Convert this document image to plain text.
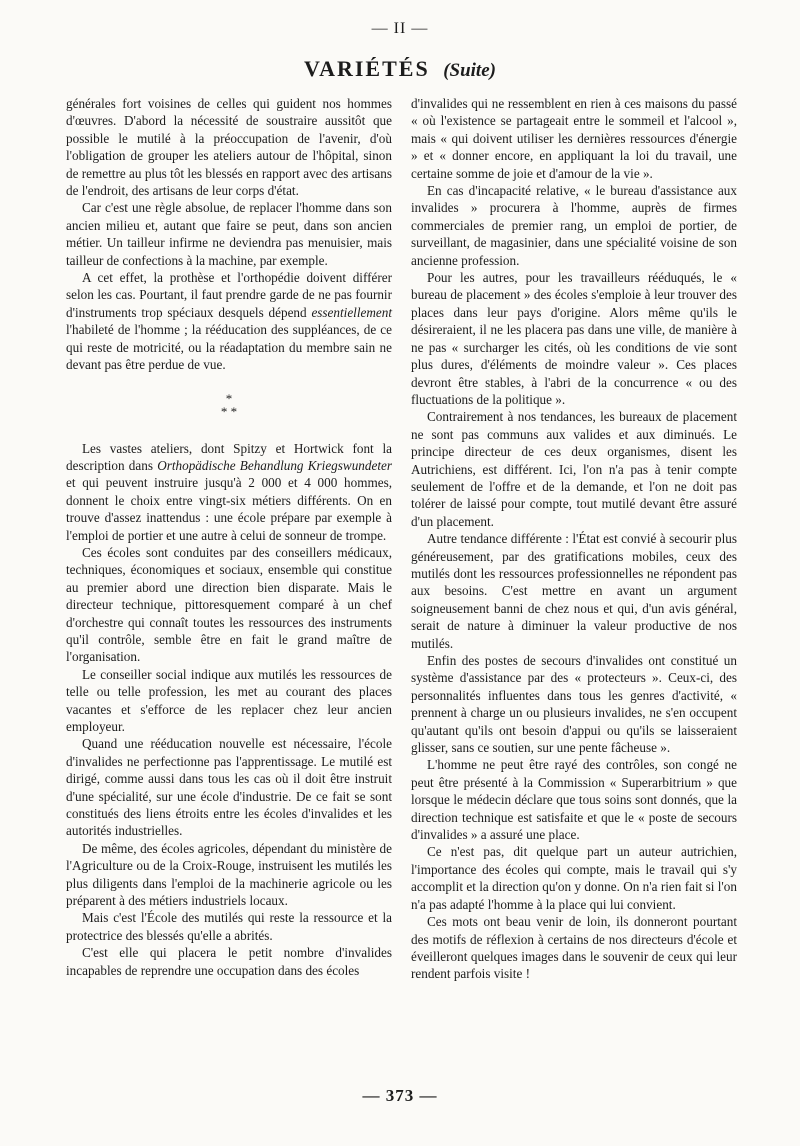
— II —
VARIÉTÉS (Suite)

générales fort voisines de celles qui guident nos hommes d'œuvres. D'abord la nécessité de soustraire aussitôt que possible le mutilé à la préoccupation de l'avenir, d'où l'obligation de grouper les ateliers autour de l'hôpital, sinon de remettre au plus tôt les blessés en rapport avec des artisans de l'endroit, des artisans de leur corps d'état.

Car c'est une règle absolue, de replacer l'homme dans son ancien milieu et, autant que faire se peut, dans son ancien métier. Un tailleur infirme ne deviendra pas menuisier, mais tailleur de confections à la machine, par exemple.

A cet effet, la prothèse et l'orthopédie doivent différer selon les cas. Pourtant, il faut prendre garde de ne pas fournir d'instruments trop spéciaux desquels dépend essentiellement l'habileté de l'homme ; la rééducation des suppléances, de ce qui reste de motricité, ou la réadaptation du membre sain ne devant pas être perdue de vue.

*
* *

Les vastes ateliers, dont Spitzy et Hortwick font la description dans Orthopädische Behandlung Kriegswundeter et qui peuvent instruire jusqu'à 2 000 et 4 000 hommes, donnent le choix entre vingt-six métiers différents. On en trouve d'assez inattendus : une école prépare par exemple à l'emploi de portier et une autre à celui de sonneur de trompe.

Ces écoles sont conduites par des conseillers médicaux, techniques, économiques et sociaux, ensemble qui constitue au premier abord une direction bien disparate. Mais le directeur technique, pittoresquement comparé à un chef d'orchestre qui connaît toutes les ressources des instruments qu'il contrôle, semble être en fait le grand maître de l'organisation.

Le conseiller social indique aux mutilés les ressources de telle ou telle profession, les met au courant des places vacantes et s'efforce de les replacer chez leur ancien employeur.

Quand une rééducation nouvelle est nécessaire, l'école d'invalides ne perfectionne pas l'apprentissage. Le mutilé est dirigé, comme aussi dans tous les cas où il doit être instruit d'une spécialité, sur une école d'industrie. De ce fait se sont constitués des liens étroits entre les écoles d'invalides et les autorités industrielles.

De même, des écoles agricoles, dépendant du ministère de l'Agriculture ou de la Croix-Rouge, instruisent les mutilés les plus diligents dans l'emploi de la machinerie agricole ou les préparent à des métiers industriels locaux.

Mais c'est l'École des mutilés qui reste la ressource et la protectrice des blessés qu'elle a abrités.

C'est elle qui placera le petit nombre d'invalides incapables de reprendre une occupation dans des écoles

d'invalides qui ne ressemblent en rien à ces maisons du passé « où l'existence se partageait entre le sommeil et l'alcool », mais « qui doivent utiliser les dernières ressources d'énergie » et « donner encore, en appliquant la loi du travail, une certaine somme de joie et d'amour de la vie ».

En cas d'incapacité relative, « le bureau d'assistance aux invalides » procurera à l'homme, auprès de firmes commerciales de premier rang, un emploi de portier, de surveillant, de magasinier, dans une spécialité voisine de son ancienne profession.

Pour les autres, pour les travailleurs rééduqués, le « bureau de placement » des écoles s'emploie à leur trouver des places dans leur pays d'origine. Alors même qu'ils le désireraient, il ne les placera pas dans une ville, de manière à ne pas « surcharger les cités, où les conditions de vie sont plus dures, d'éléments de moindre valeur ». Ces places devront être stables, à l'abri de la concurrence « ou des fluctuations de la politique ».

Contrairement à nos tendances, les bureaux de placement ne sont pas communs aux valides et aux diminués. Le principe directeur de ces deux organismes, disent les Autrichiens, est différent. Ici, l'on n'a pas à tenir compte seulement de l'offre et de la demande, et l'on ne doit pas tolérer de laissé pour compte, tout mutilé devant être assuré d'un placement.

Autre tendance différente : l'État est convié à secourir plus généreusement, par des gratifications mobiles, ceux des mutilés dont les ressources professionnelles ne répondent pas aux besoins. C'est mettre en avant un argument soigneusement banni de chez nous et qui, d'un avis général, serait de nature à diminuer la valeur productive de nos mutilés.

Enfin des postes de secours d'invalides ont constitué un système d'assistance par des « protecteurs ». Ceux-ci, des personnalités influentes dans tous les genres d'activité, « prennent à charge un ou plusieurs invalides, ne s'en occupent qu'autant qu'ils ont besoin d'appui ou qu'ils se laisseraient glisser, sans ce soutien, sur une pente fâcheuse ».

L'homme ne peut être rayé des contrôles, son congé ne peut être présenté à la Commission « Superarbitrium » que lorsque le médecin déclare que tous soins sont donnés, que la direction technique est satisfaite et que le « poste de secours d'invalides » a assuré une place.

Ce n'est pas, dit quelque part un auteur autrichien, l'importance des écoles qui compte, mais le travail qui s'y accomplit et la direction qu'on y donne. On n'a rien fait si l'on n'a pas adapté l'homme à la place qui lui convient.

Ces mots ont beau venir de loin, ils donneront pourtant des motifs de réflexion à certains de nos directeurs d'école et éveilleront quelques images dans le souvenir de ceux qui leur rendent parfois visite !

— 373 —
